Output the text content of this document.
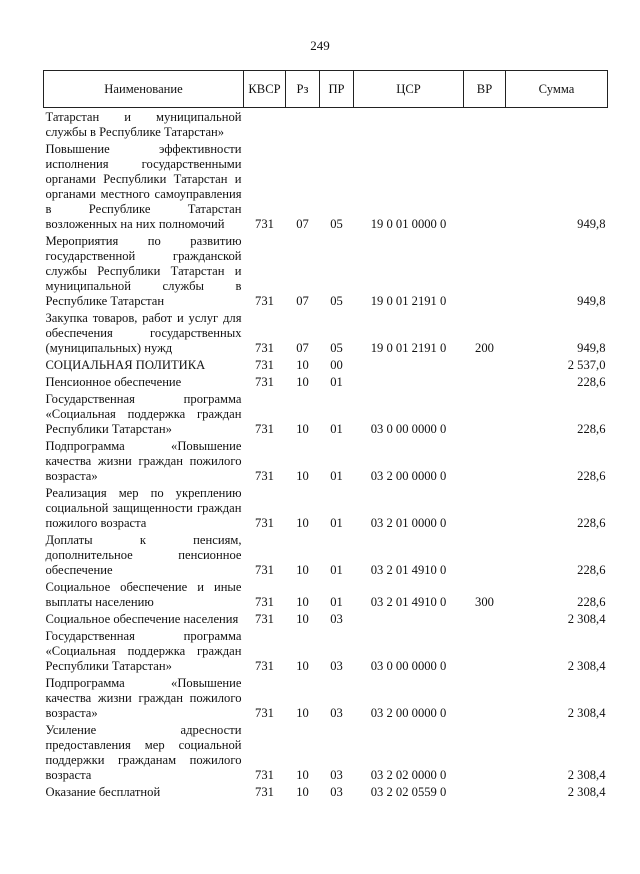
249
Наименование	КВСР	Рз	ПР	ЦСР	ВР	Сумма
Татарстан и муниципальной службы в Республике Татарстан»						
Повышение эффективности исполнения государственными органами Республики Татарстан и органами местного самоуправления в Республике Татарстан возложенных на них полномочий	731	07	05	19 0 01 0000 0		949,8
Мероприятия по развитию государственной гражданской службы Республики Татарстан и муниципальной службы в Республике Татарстан	731	07	05	19 0 01 2191 0		949,8
Закупка товаров, работ и услуг для обеспечения государственных (муниципальных) нужд	731	07	05	19 0 01 2191 0	200	949,8
СОЦИАЛЬНАЯ ПОЛИТИКА	731	10	00			2 537,0
Пенсионное обеспечение	731	10	01			228,6
Государственная программа «Социальная поддержка граждан Республики Татарстан»	731	10	01	03 0 00 0000 0		228,6
Подпрограмма «Повышение качества жизни граждан пожилого возраста»	731	10	01	03 2 00 0000 0		228,6
Реализация мер по укреплению социальной защищенности граждан пожилого возраста	731	10	01	03 2 01 0000 0		228,6
Доплаты к пенсиям, дополнительное пенсионное обеспечение	731	10	01	03 2 01 4910 0		228,6
Социальное обеспечение и иные выплаты населению	731	10	01	03 2 01 4910 0	300	228,6
Социальное обеспечение населения	731	10	03			2 308,4
Государственная программа «Социальная поддержка граждан Республики Татарстан»	731	10	03	03 0 00 0000 0		2 308,4
Подпрограмма «Повышение качества жизни граждан пожилого возраста»	731	10	03	03 2 00 0000 0		2 308,4
Усиление адресности предоставления мер социальной поддержки гражданам пожилого возраста	731	10	03	03 2 02 0000 0		2 308,4
Оказание бесплатной	731	10	03	03 2 02 0559 0		2 308,4
